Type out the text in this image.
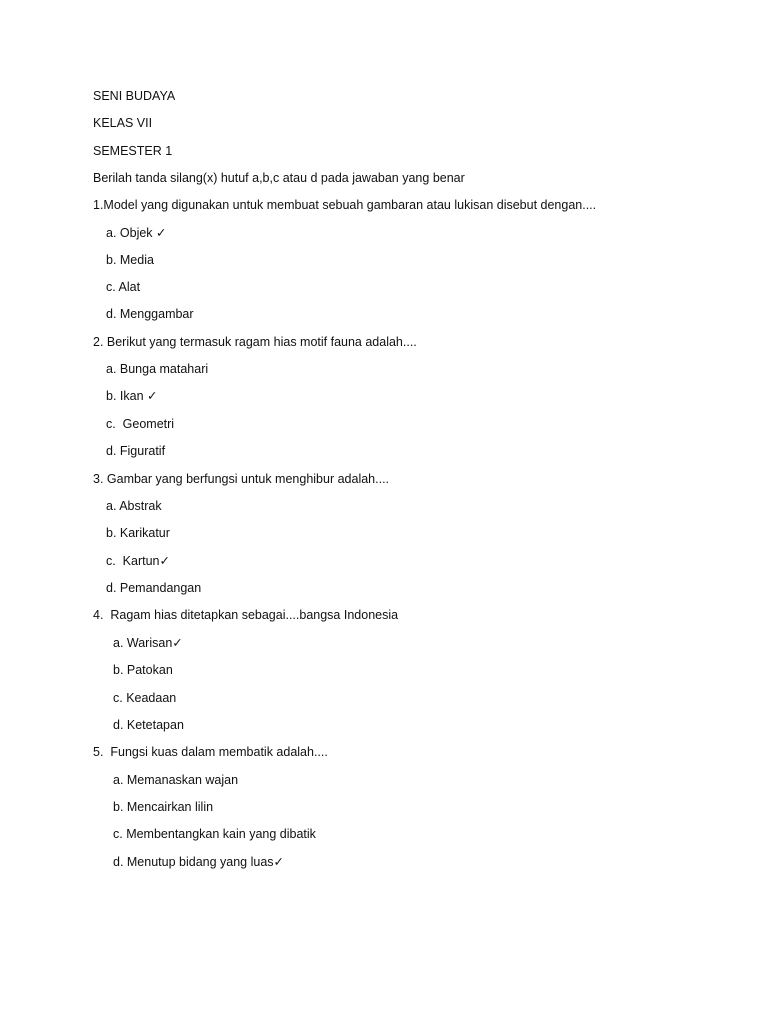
SENI BUDAYA

KELAS VII

SEMESTER 1

Berilah tanda silang(x) hutuf a,b,c atau d pada jawaban yang benar

1.Model yang digunakan untuk membuat sebuah gambaran atau lukisan disebut dengan....

a. Objek ✓

b. Media

c. Alat

d. Menggambar

2. Berikut yang termasuk ragam hias motif fauna adalah....

a. Bunga matahari

b. Ikan ✓

c.  Geometri

d. Figuratif

3. Gambar yang berfungsi untuk menghibur adalah....

a. Abstrak

b. Karikatur

c.  Kartun✓

d. Pemandangan

4.  Ragam hias ditetapkan sebagai....bangsa Indonesia

a. Warisan✓

b. Patokan

c. Keadaan

d. Ketetapan

5.  Fungsi kuas dalam membatik adalah....

a. Memanaskan wajan

b. Mencairkan lilin

c. Membentangkan kain yang dibatik

d. Menutup bidang yang luas✓
